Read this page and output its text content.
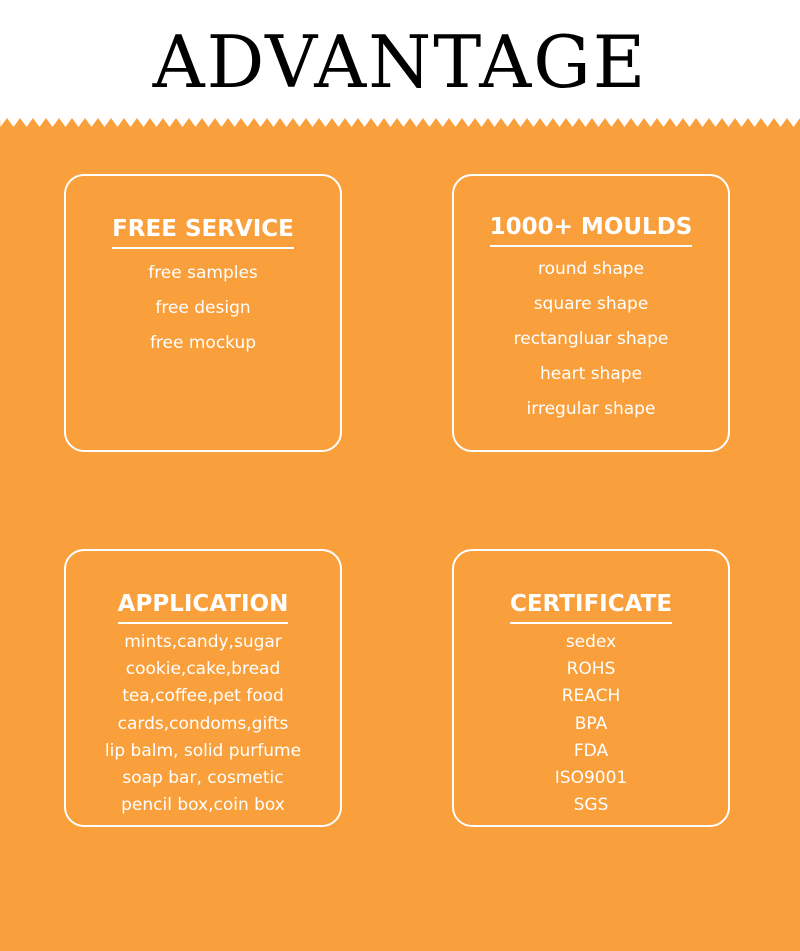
ADVANTAGE
FREE SERVICE
free samples
free design
free mockup
1000+ MOULDS
round shape
square shape
rectangluar shape
heart shape
irregular shape
APPLICATION
mints,candy,sugar
cookie,cake,bread
tea,coffee,pet food
cards,condoms,gifts
lip balm, solid purfume
soap bar, cosmetic
pencil box,coin box
CERTIFICATE
sedex
ROHS
REACH
BPA
FDA
ISO9001
SGS
